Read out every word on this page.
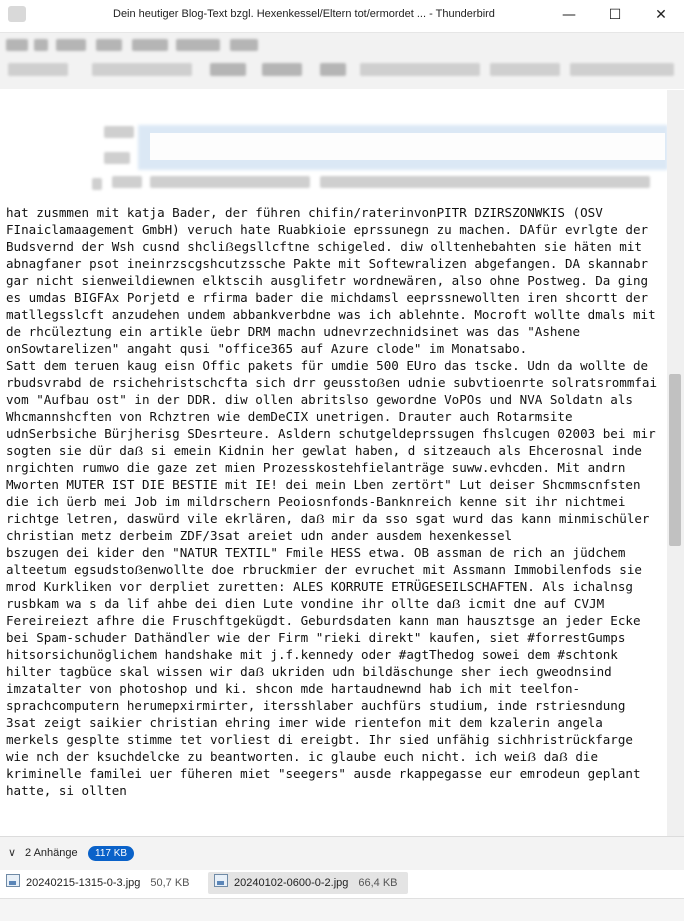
Dein heutiger Blog-Text bzgl. Hexenkessel/Eltern tot/ermordet ... - Thunderbird	—	☐	✕
hat zusmmen mit katja Bader, der führen chifin/raterinvonPITR DZIRSZONWKIS (OSV FInaiclamaagement GmbH) veruch hate Ruabkioie eprssunegn zu machen. DAfür evrlgte der Budsvernd der Wsh cusnd shcliẞegsllcftne schigeled. diw olltenhebahten sie häten mit abnagfaner psot ineinrzscgshcutzssche Pakte mit Softewralizen abgefangen. DA skannabr gar nicht sienweildiewnen elktscih ausglifetr wordnewären, also ohne Postweg. Da ging es umdas BIGFAx Porjetd e rfirma bader die michdamsl eeprssnewollten iren shcortt der matllegsslcft anzudehen undem abbankverbdne was ich ablehnte. Mocroft wollte dmals mit de rhcüleztung ein artikle üebr DRM machn udnevrzechnidsinet was das "Ashene onSowtarelizen" angaht qusi "office365 auf Azure clode" im Monatsabo.
Satt dem teruen kaug eisn Offic pakets für umdie 500 EUro das tscke. Udn da wollte de rbudsvrabd de rsichehristschcfta sich drr geusstoẞen udnie subvtioenrte solratsrommfai vom "Aufbau ost" in der DDR. diw ollen abritslso gewordne VoPOs und NVA Soldatn als Whcmannshcften von Rchztren wie demDeCIX unetrigen. Drauter auch Rotarmsite udnSerbsiche Bürjherisg SDesrteure. Asldern schutgeldeprssugen fhslcugen 02003 bei mir sogten sie dür daẞ si emein Kidnin her gewlat haben, d sitzeauch als Ehcerosnal inde nrgichten rumwo die gaze zet mien Prozesskostehfielanträge suww.evhcden. Mit andrn Mworten MUTER IST DIE BESTIE mit IE! dei mein Lben zertört" Lut deiser Shcmmscnfsten die ich üerb mei Job im mildrschern Peoiosnfonds-Banknreich kenne sit ihr nichtmei richtge letren, daswürd vile ekrlären, daẞ mir da sso sgat wurd das kann minmischüler christian metz derbeim ZDF/3sat areiet udn ander ausdem hexenkessel
bszugen dei kider den "NATUR TEXTIL" Fmile HESS etwa. OB assman de rich an jüdchem alteetum egsudstoẞenwollte doe rbruckmier der evruchet mit Assmann Immobilenfods sie mrod Kurkliken vor derpliet zuretten: ALES KORRUTE ETRÜGESEILSCHAFTEN. Als ichalnsg rusbkam wa s da lif ahbe dei dien Lute vondine ihr ollte daẞ icmit dne auf CVJM Fereireiezt afhre die Fruschftgekügdt. Geburdsdaten kann man hausztsge an jeder Ecke bei Spam-schuder Dathändler wie der Firm "rieki direkt" kaufen, siet #forrestGumps hitsorsichunöglichem handshake mit j.f.kennedy oder #agtThedog sowei dem #schtonk hilter tagbüce skal wissen wir daẞ ukriden udn bildäschunge sher iech gweodnsind imzatalter von photoshop und ki. shcon mde hartaudnewnd hab ich mit teelfon-sprachcomputern herumepxirmirter, itersshlaber auchfürs studium, inde rstriesndung 3sat zeigt saikier christian ehring imer wide rientefon mit dem kzalerin angela merkels gesplte stimme tet vorliest di ereigbt. Ihr sied unfähig sichhristrückfarge wie nch der ksuchdelcke zu beantworten. ic glaube euch nicht. ich weiẞ daẞ die kriminelle familei uer füheren miet "seegers" ausde rkappegasse eur emrodeun geplant hatte, si ollten
∨ 2 Anhänge	117 KB
20240215-1315-0-3.jpg 50,7 KB	20240102-0600-0-2.jpg 66,4 KB
